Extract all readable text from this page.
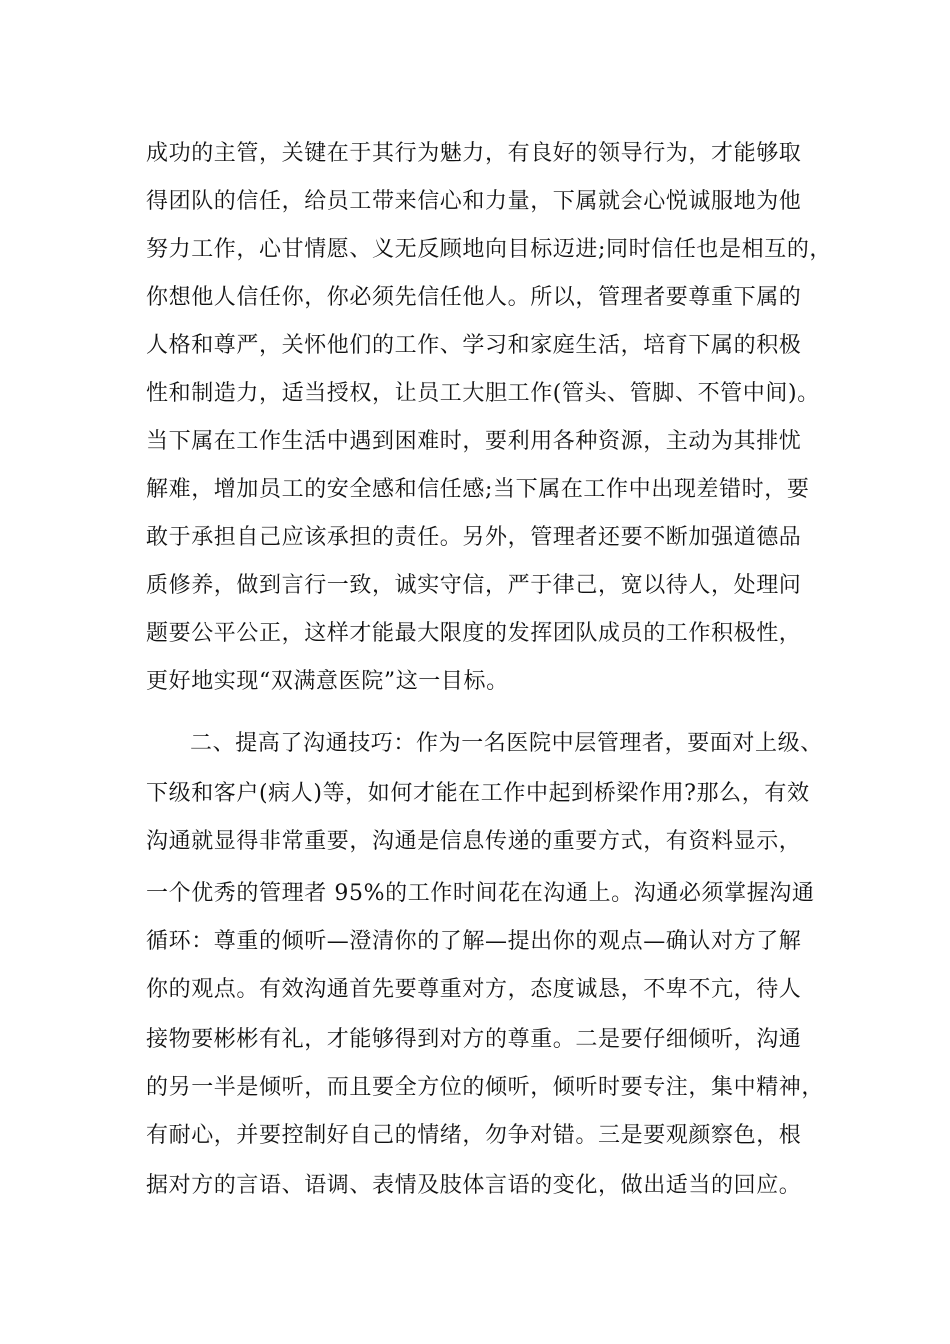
成功的主管，关键在于其行为魅力，有良好的领导行为，才能够取
得团队的信任，给员工带来信心和力量，下属就会心悦诚服地为他
努力工作，心甘情愿、义无反顾地向目标迈进;同时信任也是相互的，
你想他人信任你，你必须先信任他人。所以，管理者要尊重下属的
人格和尊严，关怀他们的工作、学习和家庭生活，培育下属的积极
性和制造力，适当授权，让员工大胆工作(管头、管脚、不管中间)。
当下属在工作生活中遇到困难时，要利用各种资源，主动为其排忧
解难，增加员工的安全感和信任感;当下属在工作中出现差错时，要
敢于承担自己应该承担的责任。另外，管理者还要不断加强道德品
质修养，做到言行一致，诚实守信，严于律己，宽以待人，处理问
题要公平公正，这样才能最大限度的发挥团队成员的工作积极性，
更好地实现“双满意医院”这一目标。
二、提高了沟通技巧：作为一名医院中层管理者，要面对上级、
下级和客户(病人)等，如何才能在工作中起到桥梁作用?那么，有效
沟通就显得非常重要，沟通是信息传递的重要方式，有资料显示，
一个优秀的管理者 95%的工作时间花在沟通上。沟通必须掌握沟通
循环：尊重的倾听—澄清你的了解—提出你的观点—确认对方了解
你的观点。有效沟通首先要尊重对方，态度诚恳，不卑不亢，待人
接物要彬彬有礼，才能够得到对方的尊重。二是要仔细倾听，沟通
的另一半是倾听，而且要全方位的倾听，倾听时要专注，集中精神，
有耐心，并要控制好自己的情绪，勿争对错。三是要观颜察色，根
据对方的言语、语调、表情及肢体言语的变化，做出适当的回应。
